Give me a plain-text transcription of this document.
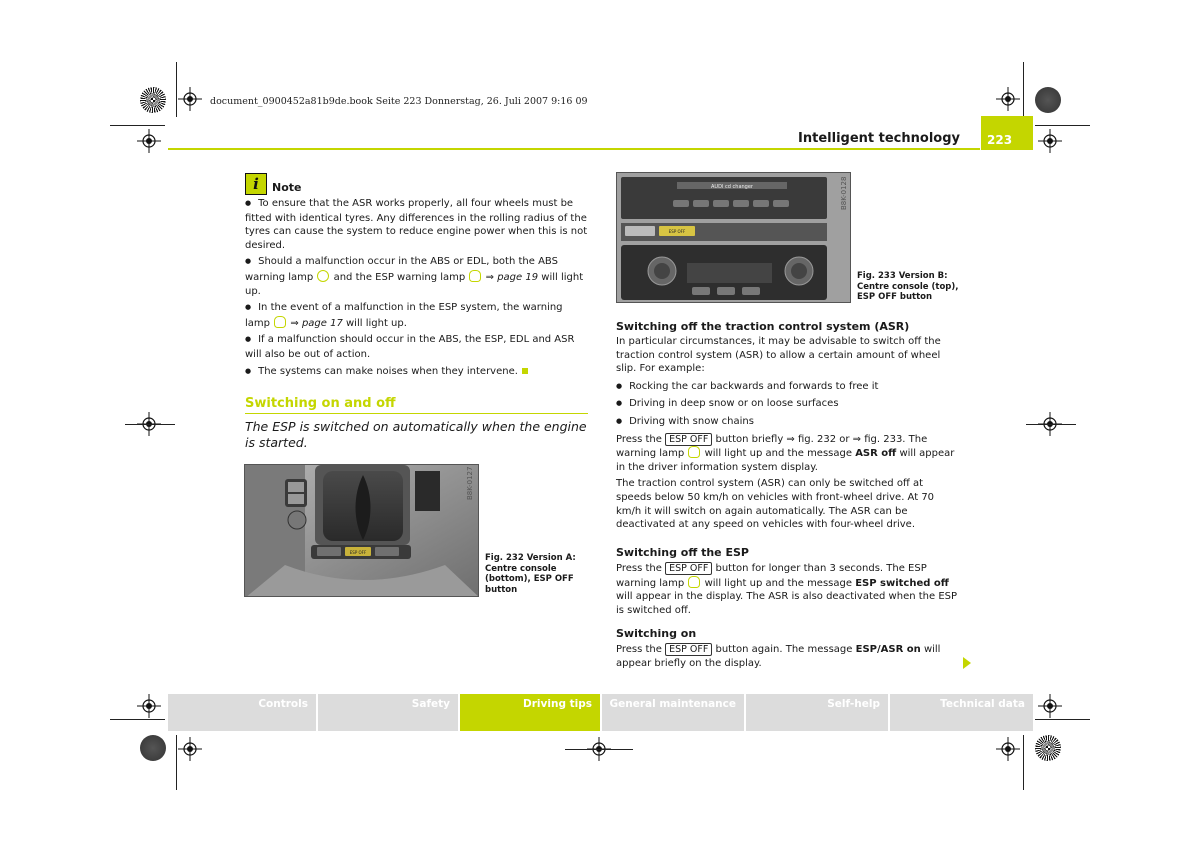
document_0900452a81b9de.book Seite 223 Donnerstag, 26. Juli 2007 9:16 09
Intelligent technology	223
i Note

● To ensure that the ASR works properly, all four wheels must be fitted with identical tyres. Any differences in the rolling radius of the tyres can cause the system to reduce engine power when this is not desired.

● Should a malfunction occur in the ABS or EDL, both the ABS warning lamp  and the ESP warning lamp  ⇒ page 19 will light up.

● In the event of a malfunction in the ESP system, the warning lamp  ⇒ page 17 will light up.

● If a malfunction should occur in the ABS, the ESP, EDL and ASR will also be out of action.

● The systems can make noises when they intervene.

Switching on and off
The ESP is switched on automatically when the engine is started.
ESP OFF
B8K-0127
Fig. 232 Version A: Centre console (bottom), ESP OFF button
AUDI cd changer
ESP OFF
B8K-0128
Fig. 233 Version B: Centre console (top), ESP OFF button
Switching off the traction control system (ASR)

In particular circumstances, it may be advisable to switch off the traction control system (ASR) to allow a certain amount of wheel slip. For example:

● Rocking the car backwards and forwards to free it

● Driving in deep snow or on loose surfaces

● Driving with snow chains

Press the ESP OFF button briefly ⇒ fig. 232 or ⇒ fig. 233. The warning lamp  will light up and the message ASR off will appear in the driver information system display.

The traction control system (ASR) can only be switched off at speeds below 50 km/h on vehicles with front-wheel drive. At 70 km/h it will switch on again automatically. The ASR can be deactivated at any speed on vehicles with four-wheel drive.

Switching off the ESP
Press the ESP OFF button for longer than 3 seconds. The ESP warning lamp  will light up and the message ESP switched off will appear in the display. The ASR is also deactivated when the ESP is switched off.
Switching on
Press the ESP OFF button again. The message ESP/ASR on will appear briefly on the display.
Controls	Safety	Driving tips	General maintenance	Self-help	Technical data
